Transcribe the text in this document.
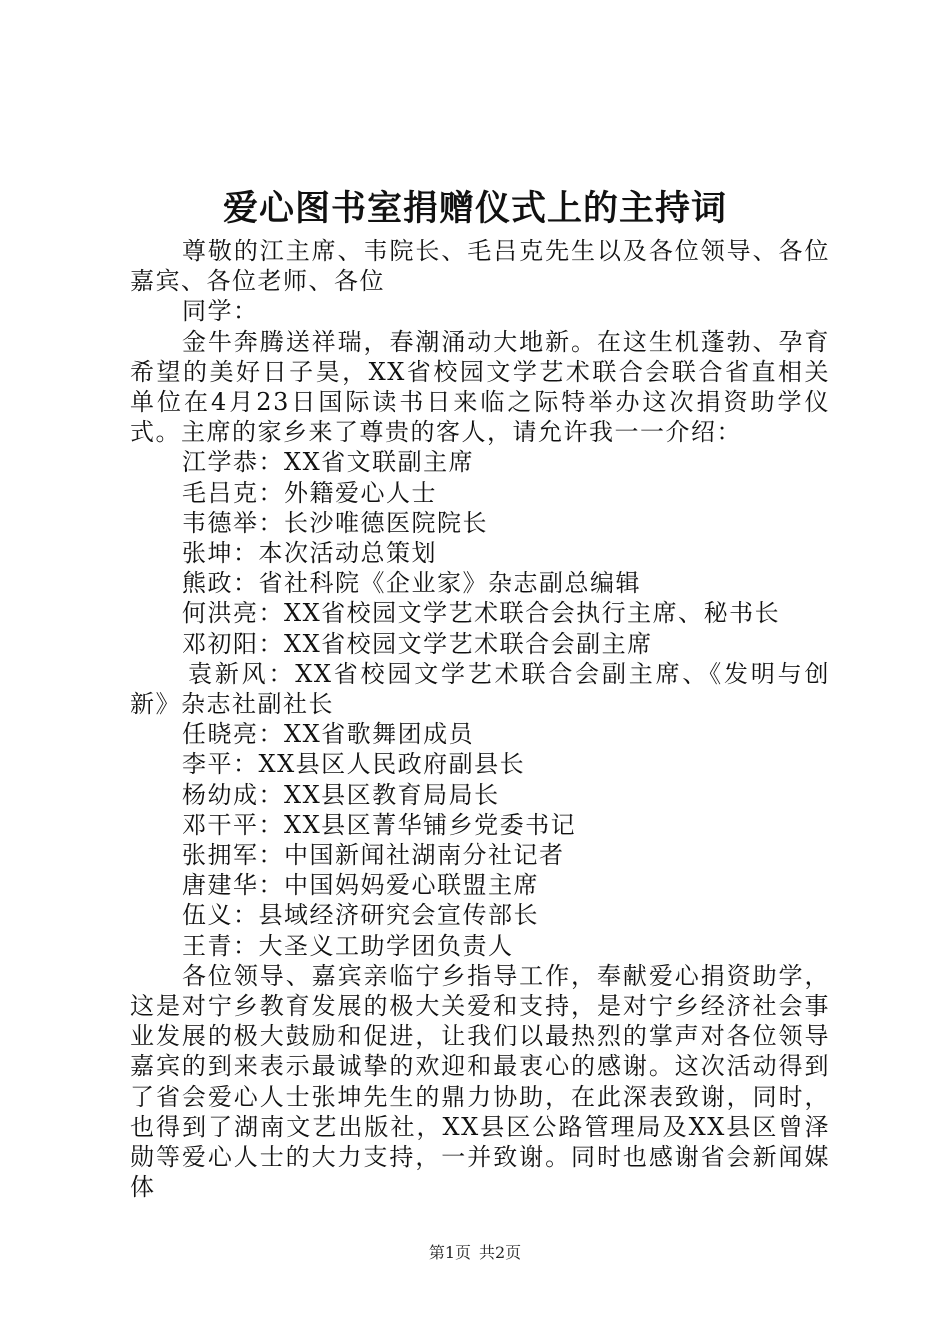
爱心图书室捐赠仪式上的主持词

尊敬的江主席、韦院长、毛吕克先生以及各位领导、各位嘉宾、各位老师、各位

同学：

金牛奔腾送祥瑞，春潮涌动大地新。在这生机蓬勃、孕育希望的美好日子昊，XX省校园文学艺术联合会联合省直相关单位在4月23日国际读书日来临之际特举办这次捐资助学仪式。主席的家乡来了尊贵的客人，请允许我一一介绍：

江学恭：XX省文联副主席

毛吕克：外籍爱心人士

韦德举：长沙唯德医院院长

张坤：本次活动总策划

熊政：省社科院《企业家》杂志副总编辑

何洪亮：XX省校园文学艺术联合会执行主席、秘书长

邓初阳：XX省校园文学艺术联合会副主席

袁新风：XX省校园文学艺术联合会副主席、《发明与创新》杂志社副社长

任晓亮：XX省歌舞团成员

李平：XX县区人民政府副县长

杨幼成：XX县区教育局局长

邓干平：XX县区菁华铺乡党委书记

张拥军：中国新闻社湖南分社记者

唐建华：中国妈妈爱心联盟主席

伍义：县域经济研究会宣传部长

王青：大圣义工助学团负责人

各位领导、嘉宾亲临宁乡指导工作，奉献爱心捐资助学，这是对宁乡教育发展的极大关爱和支持，是对宁乡经济社会事业发展的极大鼓励和促进，让我们以最热烈的掌声对各位领导嘉宾的到来表示最诚挚的欢迎和最衷心的感谢。这次活动得到了省会爱心人士张坤先生的鼎力协助，在此深表致谢，同时，也得到了湖南文艺出版社，XX县区公路管理局及XX县区曾泽勋等爱心人士的大力支持，一并致谢。同时也感谢省会新闻媒体

第1页 共2页
